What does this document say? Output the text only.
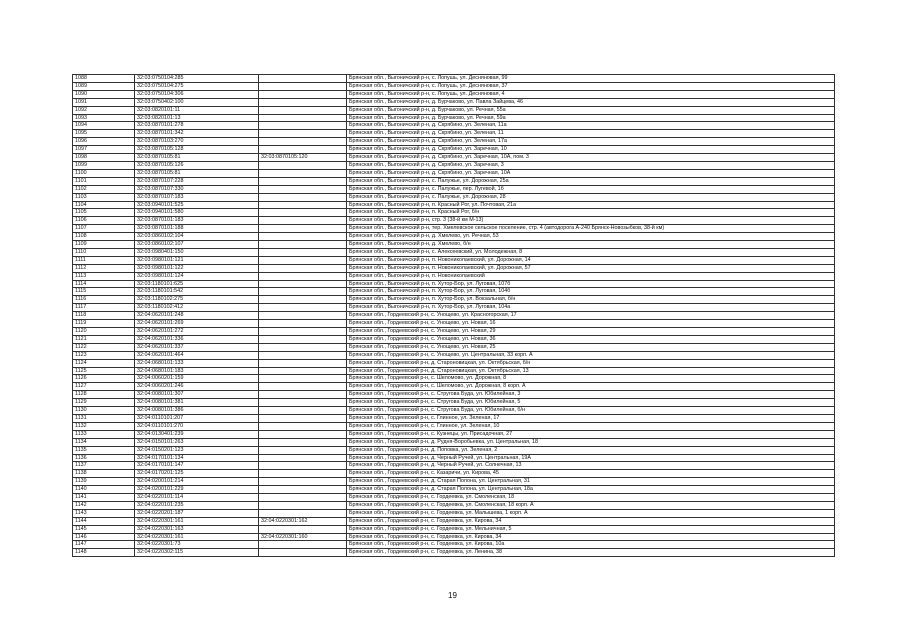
1088	32:03:0750104:285		Брянская обл., Выгоничский р-н, с. Лопушь, ул. Десняновая, 99
1089	32:03:0750104:275		Брянская обл., Выгоничский р-н, с. Лопушь, ул. Десняновая, 37
1090	32:03:0750104:306		Брянская обл., Выгоничский р-н, с. Лопушь, ул. Десняновая, 4
1091	32:03:0750402:100		Брянская обл., Выгоничский р-н, д. Бурчаково, ул. Павла Зайцева, 46
1092	32:03:0820101:11		Брянская обл., Выгоничский р-н, д. Бурчаково, ул. Речная, 55а
1093	32:03:0820101:13		Брянская обл., Выгоничский р-н, д. Бурчаково, ул. Речная, 59а
1094	32:03:0870101:278		Брянская обл., Выгоничский р-н, д. Скрябино, ул. Зеленая, 11а
1095	32:03:0870101:342		Брянская обл., Выгоничский р-н, д. Скрябино, ул. Зеленая, 11
1096	32:03:0870103:270		Брянская обл., Выгоничский р-н, д. Скрябино, ул. Зеленая, 17а
1097	32:03:0870105:128		Брянская обл., Выгоничский р-н, д. Скрябино, ул. Заречная, 10
1098	32:03:0870105:81	32:03:0870105:120	Брянская обл., Выгоничский р-н, д. Скрябино, ул. Заречная, 10А, пом. 3
1099	32:03:0870105:126		Брянская обл., Выгоничский р-н, д. Скрябино, ул. Заречная, 3
1100	32:03:0870105:81		Брянская обл., Выгоничский р-н, д. Скрябино, ул. Заречная, 10А
1101	32:03:0870107:228		Брянская обл., Выгоничский р-н, с. Палужье, ул. Дорожная, 25а
1102	32:03:0870107:330		Брянская обл., Выгоничский р-н, с. Палужье, пер. Лугевой, 1б
1103	32:03:0870107:183		Брянская обл., Выгоничский р-н, с. Палужье, ул. Дорожная, 28
1104	32:03:0940101:525		Брянская обл., Выгоничский р-н, п. Красный Рог, ул. Почтовая, 21а
1105	32:03:0940101:580		Брянская обл., Выгоничский р-н, п. Красный Рог, б/н
1106	32:03:0870101:183		Брянская обл., Выгоничский р-н, стр. 3 (38-й км М-13)
1107	32:03:0870101:188		Брянская обл., Выгоничский р-н, тер. Хмелевское сельское поселение, стр. 4 (автодорога А-240 Брянск-Новозыбков, 38-й км)
1108	32:03:0860102:104		Брянская обл., Выгоничский р-н, д. Хмелево, ул. Речная, 53
1109	32:03:0860102:107		Брянская обл., Выгоничский р-н, д. Хмелево, б/н
1110	32:03:0980401:150		Брянская обл., Выгоничский р-н, с. Алексеевский, ул. Молодежная, 8
1111	32:03:0980101:121		Брянская обл., Выгоничский р-н, п. Новониколаевский, ул. Дорожная, 14
1112	32:03:0980101:122		Брянская обл., Выгоничский р-н, п. Новониколаевский, ул. Дорожная, 57
1113	32:03:0980101:124		Брянская обл., Выгоничский р-н, п. Новониколаевский
1114	32:03:1180101:625		Брянская обл., Выгоничский р-н, п. Хутор-Бор, ул. Луговая, 107б
1115	32:03:1180101:542		Брянская обл., Выгоничский р-н, п. Хутор-Бор, ул. Луговая, 104б
1116	32:03:1180102:275		Брянская обл., Выгоничский р-н, п. Хутор-Бор, ул. Вокзальная, б/н
1117	32:03:1180102:412		Брянская обл., Выгоничский р-н, п. Хутор-Бор, ул. Луговая, 104а
1118	32:04:0620101:248		Брянская обл., Гордеевский р-н, с. Унощево, ул. Красногорская, 17
1119	32:04:0620101:269		Брянская обл., Гордеевский р-н, с. Унощево, ул. Новая, 16
1120	32:04:0620101:272		Брянская обл., Гордеевский р-н, с. Унощево, ул. Новая, 29
1121	32:04:0620101:336		Брянская обл., Гордеевский р-н, с. Унощево, ул. Новая, 36
1122	32:04:0620101:337		Брянская обл., Гордеевский р-н, с. Унощево, ул. Новая, 25
1123	32:04:0620101:464		Брянская обл., Гордеевский р-н, с. Унощево, ул. Центральная, 33 корп. А
1124	32:04:0680101:133		Брянская обл., Гордеевский р-н, д. Староновицкая, ул. Октябрьская, б/н
1125	32:04:0680101:183		Брянская обл., Гордеевский р-н, д. Староновицкая, ул. Октябрьская, 13
1126	32:04:0060201:159		Брянская обл., Гордеевский р-н, с. Шеломово, ул. Дорожная, 8
1127	32:04:0060201:246		Брянская обл., Гордеевский р-н, с. Шеломово, ул. Дорожная, 8 корп. А
1128	32:04:0080101:307		Брянская обл., Гордеевский р-н, с. Струговa Буда, ул. Юбилейная, 3
1129	32:04:0080101:381		Брянская обл., Гордеевский р-н, с. Струговa Буда, ул. Юбилейная, 5
1130	32:04:0080101:386		Брянская обл., Гордеевский р-н, с. Струговa Буда, ул. Юбилейная, б/н
1131	32:04:0110101:207		Брянская обл., Гордеевский р-н, с. Глинное, ул. Зеленая, 17
1132	32:04:0110101:270		Брянская обл., Гордеевский р-н, с. Глинное, ул. Зеленая, 10
1133	32:04:0130401:239		Брянская обл., Гордеевский р-н, с. Кузнецы, ул. Присадочная, 27
1134	32:04:0150101:263		Брянская обл., Гордеевский р-н, д. Рудня-Воробьевка, ул. Центральная, 18
1135	32:04:0150201:123		Брянская обл., Гордеевский р-н, д. Поповка, ул. Зеленая, 2
1136	32:04:0170101:134		Брянская обл., Гордеевский р-н, д. Черный Ручей, ул. Центральная, 19А
1137	32:04:0170101:147		Брянская обл., Гордеевский р-н, д. Черный Ручей, ул. Солнечная, 13
1138	32:04:0170201:125		Брянская обл., Гордеевский р-н, с. Казаричи, ул. Кирова, 45
1139	32:04:0200101:214		Брянская обл., Гордеевский р-н, д. Старая Полона, ул. Центральная, 31
1140	32:04:0200101:229		Брянская обл., Гордеевский р-н, д. Старая Полона, ул. Центральная, 18а
1141	32:04:0220101:114		Брянская обл., Гордеевский р-н, с. Гордеевка, ул. Смоленская, 18
1142	32:04:0220101:235		Брянская обл., Гордеевский р-н, с. Гордеевка, ул. Смоленская, 18 корп. А
1143	32:04:0220201:187		Брянская обл., Гордеевский р-н, с. Гордеевка, ул. Малышева, 1 корп. А
1144	32:04:0220301:161	32:04:0220301:162	Брянская обл., Гордеевский р-н, с. Гордеевка, ул. Кирова, 34
1145	32:04:0220301:163		Брянская обл., Гордеевский р-н, с. Гордеевка, ул. Мельничная, 5
1146	32:04:0220301:161	32:04:0220301:160	Брянская обл., Гордеевский р-н, с. Гордеевка, ул. Кирова, 34
1147	32:04:0220301:73		Брянская обл., Гордеевский р-н, с. Гордеевка, ул. Кирова, 10а
1148	32:04:0220302:115		Брянская обл., Гордеевский р-н, с. Гордеевка, ул. Ленина, 38
19
